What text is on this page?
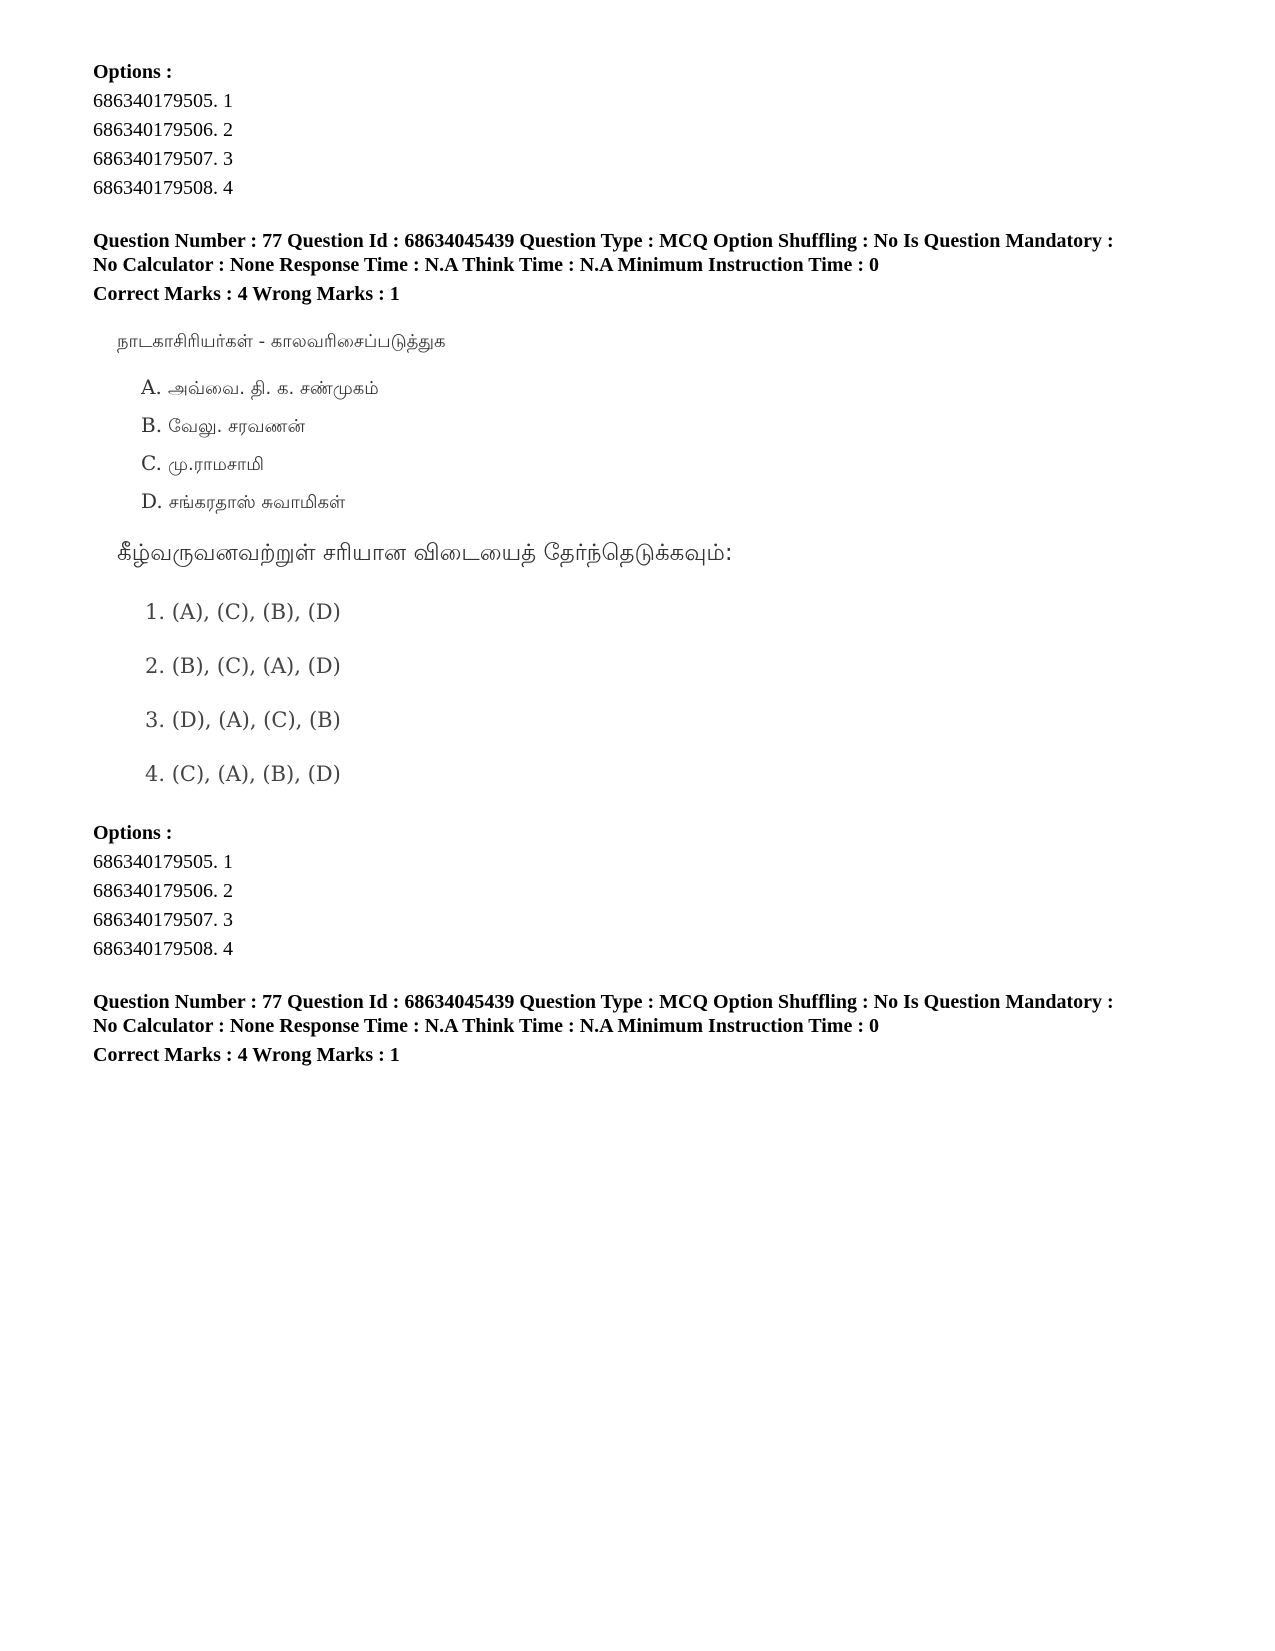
Options :
686340179505. 1
686340179506. 2
686340179507. 3
686340179508. 4
Question Number : 77 Question Id : 68634045439 Question Type : MCQ Option Shuffling : No Is Question Mandatory :
No Calculator : None Response Time : N.A Think Time : N.A Minimum Instruction Time : 0
Correct Marks : 4 Wrong Marks : 1
நாடகாசிரியர்கள் - காலவரிசைப்படுத்துக
A. அவ்வை. தி. க. சண்முகம்
B. வேலு. சரவணன்
C. மு.ராமசாமி
D. சங்கரதாஸ் சுவாமிகள்
கீழ்வருவனவற்றுள் சரியான விடையைத் தேர்ந்தெடுக்கவும்:
1. (A), (C), (B), (D)
2. (B), (C), (A), (D)
3. (D), (A), (C), (B)
4. (C), (A), (B), (D)
Options :
686340179505. 1
686340179506. 2
686340179507. 3
686340179508. 4
Question Number : 77 Question Id : 68634045439 Question Type : MCQ Option Shuffling : No Is Question Mandatory :
No Calculator : None Response Time : N.A Think Time : N.A Minimum Instruction Time : 0
Correct Marks : 4 Wrong Marks : 1
